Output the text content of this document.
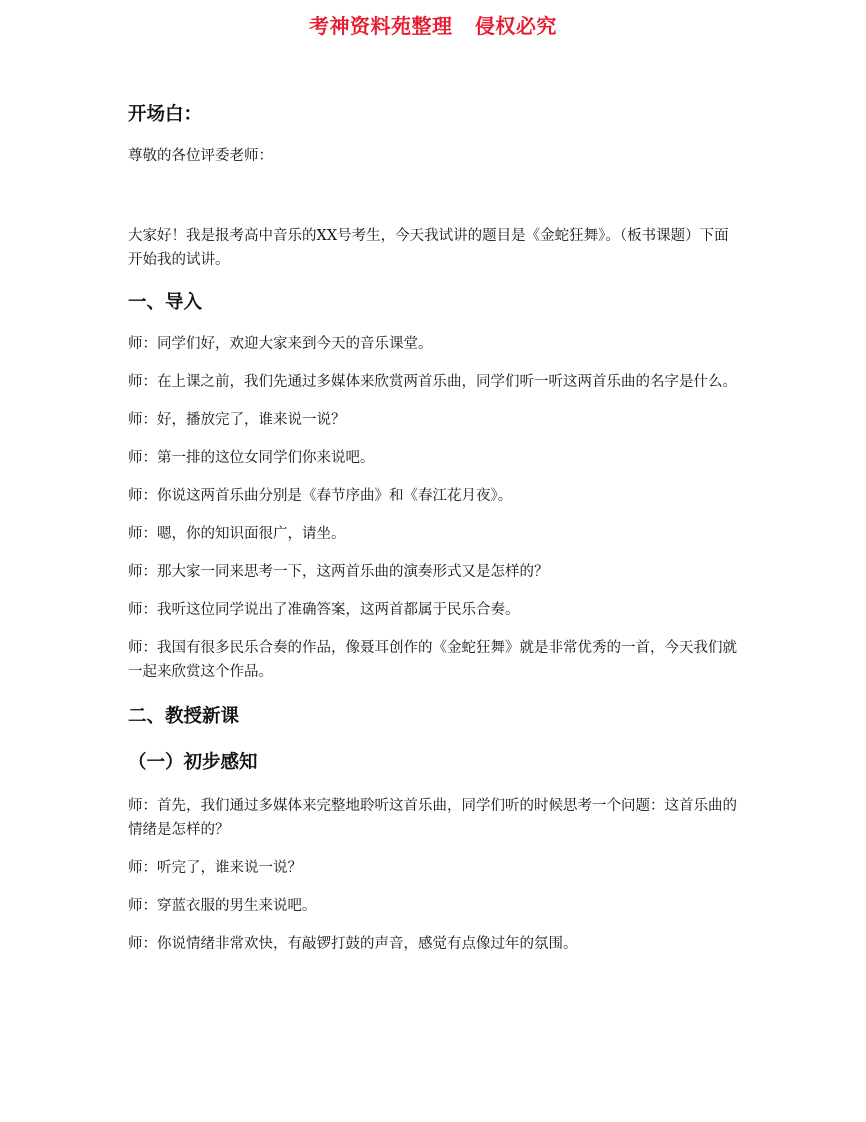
考神资料苑整理   侵权必究
开场白：
尊敬的各位评委老师：
大家好！我是报考高中音乐的XX号考生，今天我试讲的题目是《金蛇狂舞》。（板书课题）下面开始我的试讲。
一、导入
师：同学们好，欢迎大家来到今天的音乐课堂。
师：在上课之前，我们先通过多媒体来欣赏两首乐曲，同学们听一听这两首乐曲的名字是什么。
师：好，播放完了，谁来说一说？
师：第一排的这位女同学们你来说吧。
师：你说这两首乐曲分别是《春节序曲》和《春江花月夜》。
师：嗯，你的知识面很广，请坐。
师：那大家一同来思考一下，这两首乐曲的演奏形式又是怎样的？
师：我听这位同学说出了准确答案，这两首都属于民乐合奏。
师：我国有很多民乐合奏的作品，像聂耳创作的《金蛇狂舞》就是非常优秀的一首，今天我们就一起来欣赏这个作品。
二、教授新课
（一）初步感知
师：首先，我们通过多媒体来完整地聆听这首乐曲，同学们听的时候思考一个问题：这首乐曲的情绪是怎样的？
师：听完了，谁来说一说？
师：穿蓝衣服的男生来说吧。
师：你说情绪非常欢快，有敲锣打鼓的声音，感觉有点像过年的氛围。
